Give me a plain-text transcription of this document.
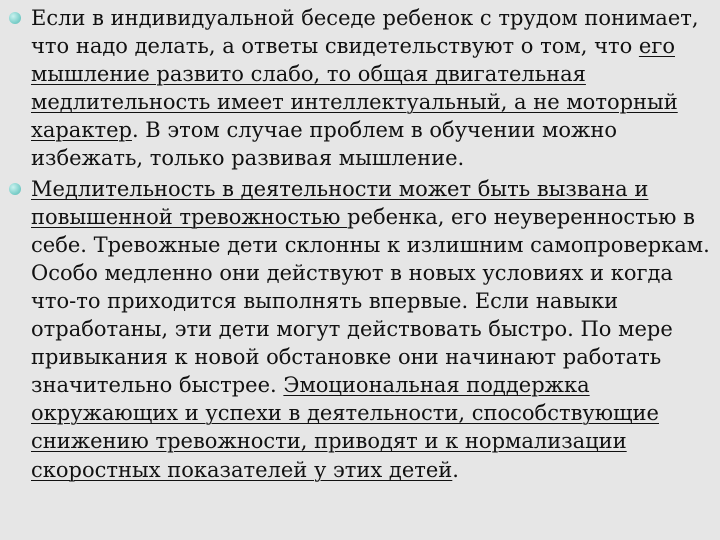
Если в индивидуальной беседе ребенок с трудом понимает, что надо делать, а ответы свидетельствуют о том, что его мышление развито слабо, то общая двигательная медлительность имеет интеллектуальный, а не моторный характер. В этом случае проблем в обучении можно избежать, только развивая мышление.
Медлительность в деятельности может быть вызвана и повышенной тревожностью ребенка, его неуверенностью в себе. Тревожные дети склонны к излишним самопроверкам. Особо медленно они действуют в новых условиях и когда что-то приходится выполнять впервые. Если навыки отработаны, эти дети могут действовать быстро. По мере привыкания к новой обстановке они начинают работать значительно быстрее. Эмоциональная поддержка окружающих и успехи в деятельности, способствующие снижению тревожности, приводят и к нормализации скоростных показателей у этих детей.
